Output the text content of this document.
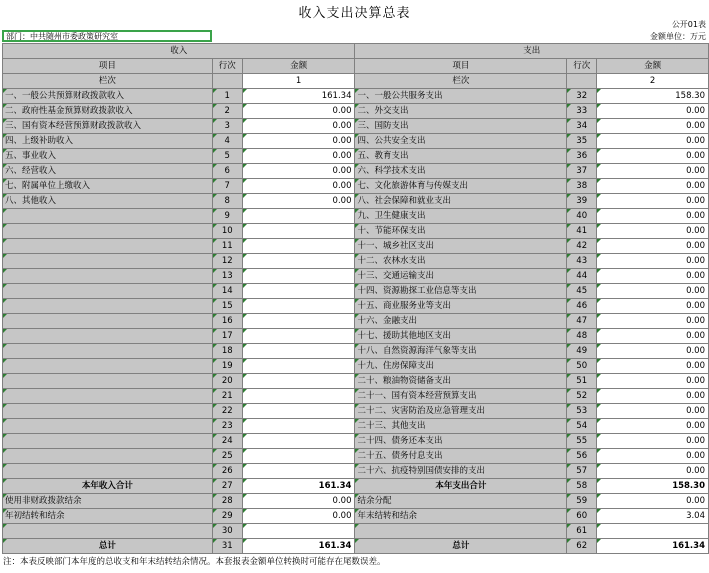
收入支出决算总表
公开01表
金额单位：万元
部门：中共随州市委政策研究室
收入			支出		
项目	行次	金额	项目	行次	金额
栏次		1	栏次		2
一、一般公共预算财政拨款收入	1	161.34	一、一般公共服务支出	32	158.30
二、政府性基金预算财政拨款收入	2	0.00	二、外交支出	33	0.00
三、国有资本经营预算财政拨款收入	3	0.00	三、国防支出	34	0.00
四、上级补助收入	4	0.00	四、公共安全支出	35	0.00
五、事业收入	5	0.00	五、教育支出	36	0.00
六、经营收入	6	0.00	六、科学技术支出	37	0.00
七、附属单位上缴收入	7	0.00	七、文化旅游体育与传媒支出	38	0.00
八、其他收入	8	0.00	八、社会保障和就业支出	39	0.00
	9		九、卫生健康支出	40	0.00
	10		十、节能环保支出	41	0.00
	11		十一、城乡社区支出	42	0.00
	12		十二、农林水支出	43	0.00
	13		十三、交通运输支出	44	0.00
	14		十四、资源勘探工业信息等支出	45	0.00
	15		十五、商业服务业等支出	46	0.00
	16		十六、金融支出	47	0.00
	17		十七、援助其他地区支出	48	0.00
	18		十八、自然资源海洋气象等支出	49	0.00
	19		十九、住房保障支出	50	0.00
	20		二十、粮油物资储备支出	51	0.00
	21		二十一、国有资本经营预算支出	52	0.00
	22		二十二、灾害防治及应急管理支出	53	0.00
	23		二十三、其他支出	54	0.00
	24		二十四、债务还本支出	55	0.00
	25		二十五、债务付息支出	56	0.00
	26		二十六、抗疫特别国债安排的支出	57	0.00
本年收入合计	27	161.34	本年支出合计	58	158.30
使用非财政拨款结余	28	0.00	结余分配	59	0.00
年初结转和结余	29	0.00	年末结转和结余	60	3.04
	30			61	
总计	31	161.34	总计	62	161.34
注：本表反映部门本年度的总收支和年末结转结余情况。本套报表金额单位转换时可能存在尾数误差。
